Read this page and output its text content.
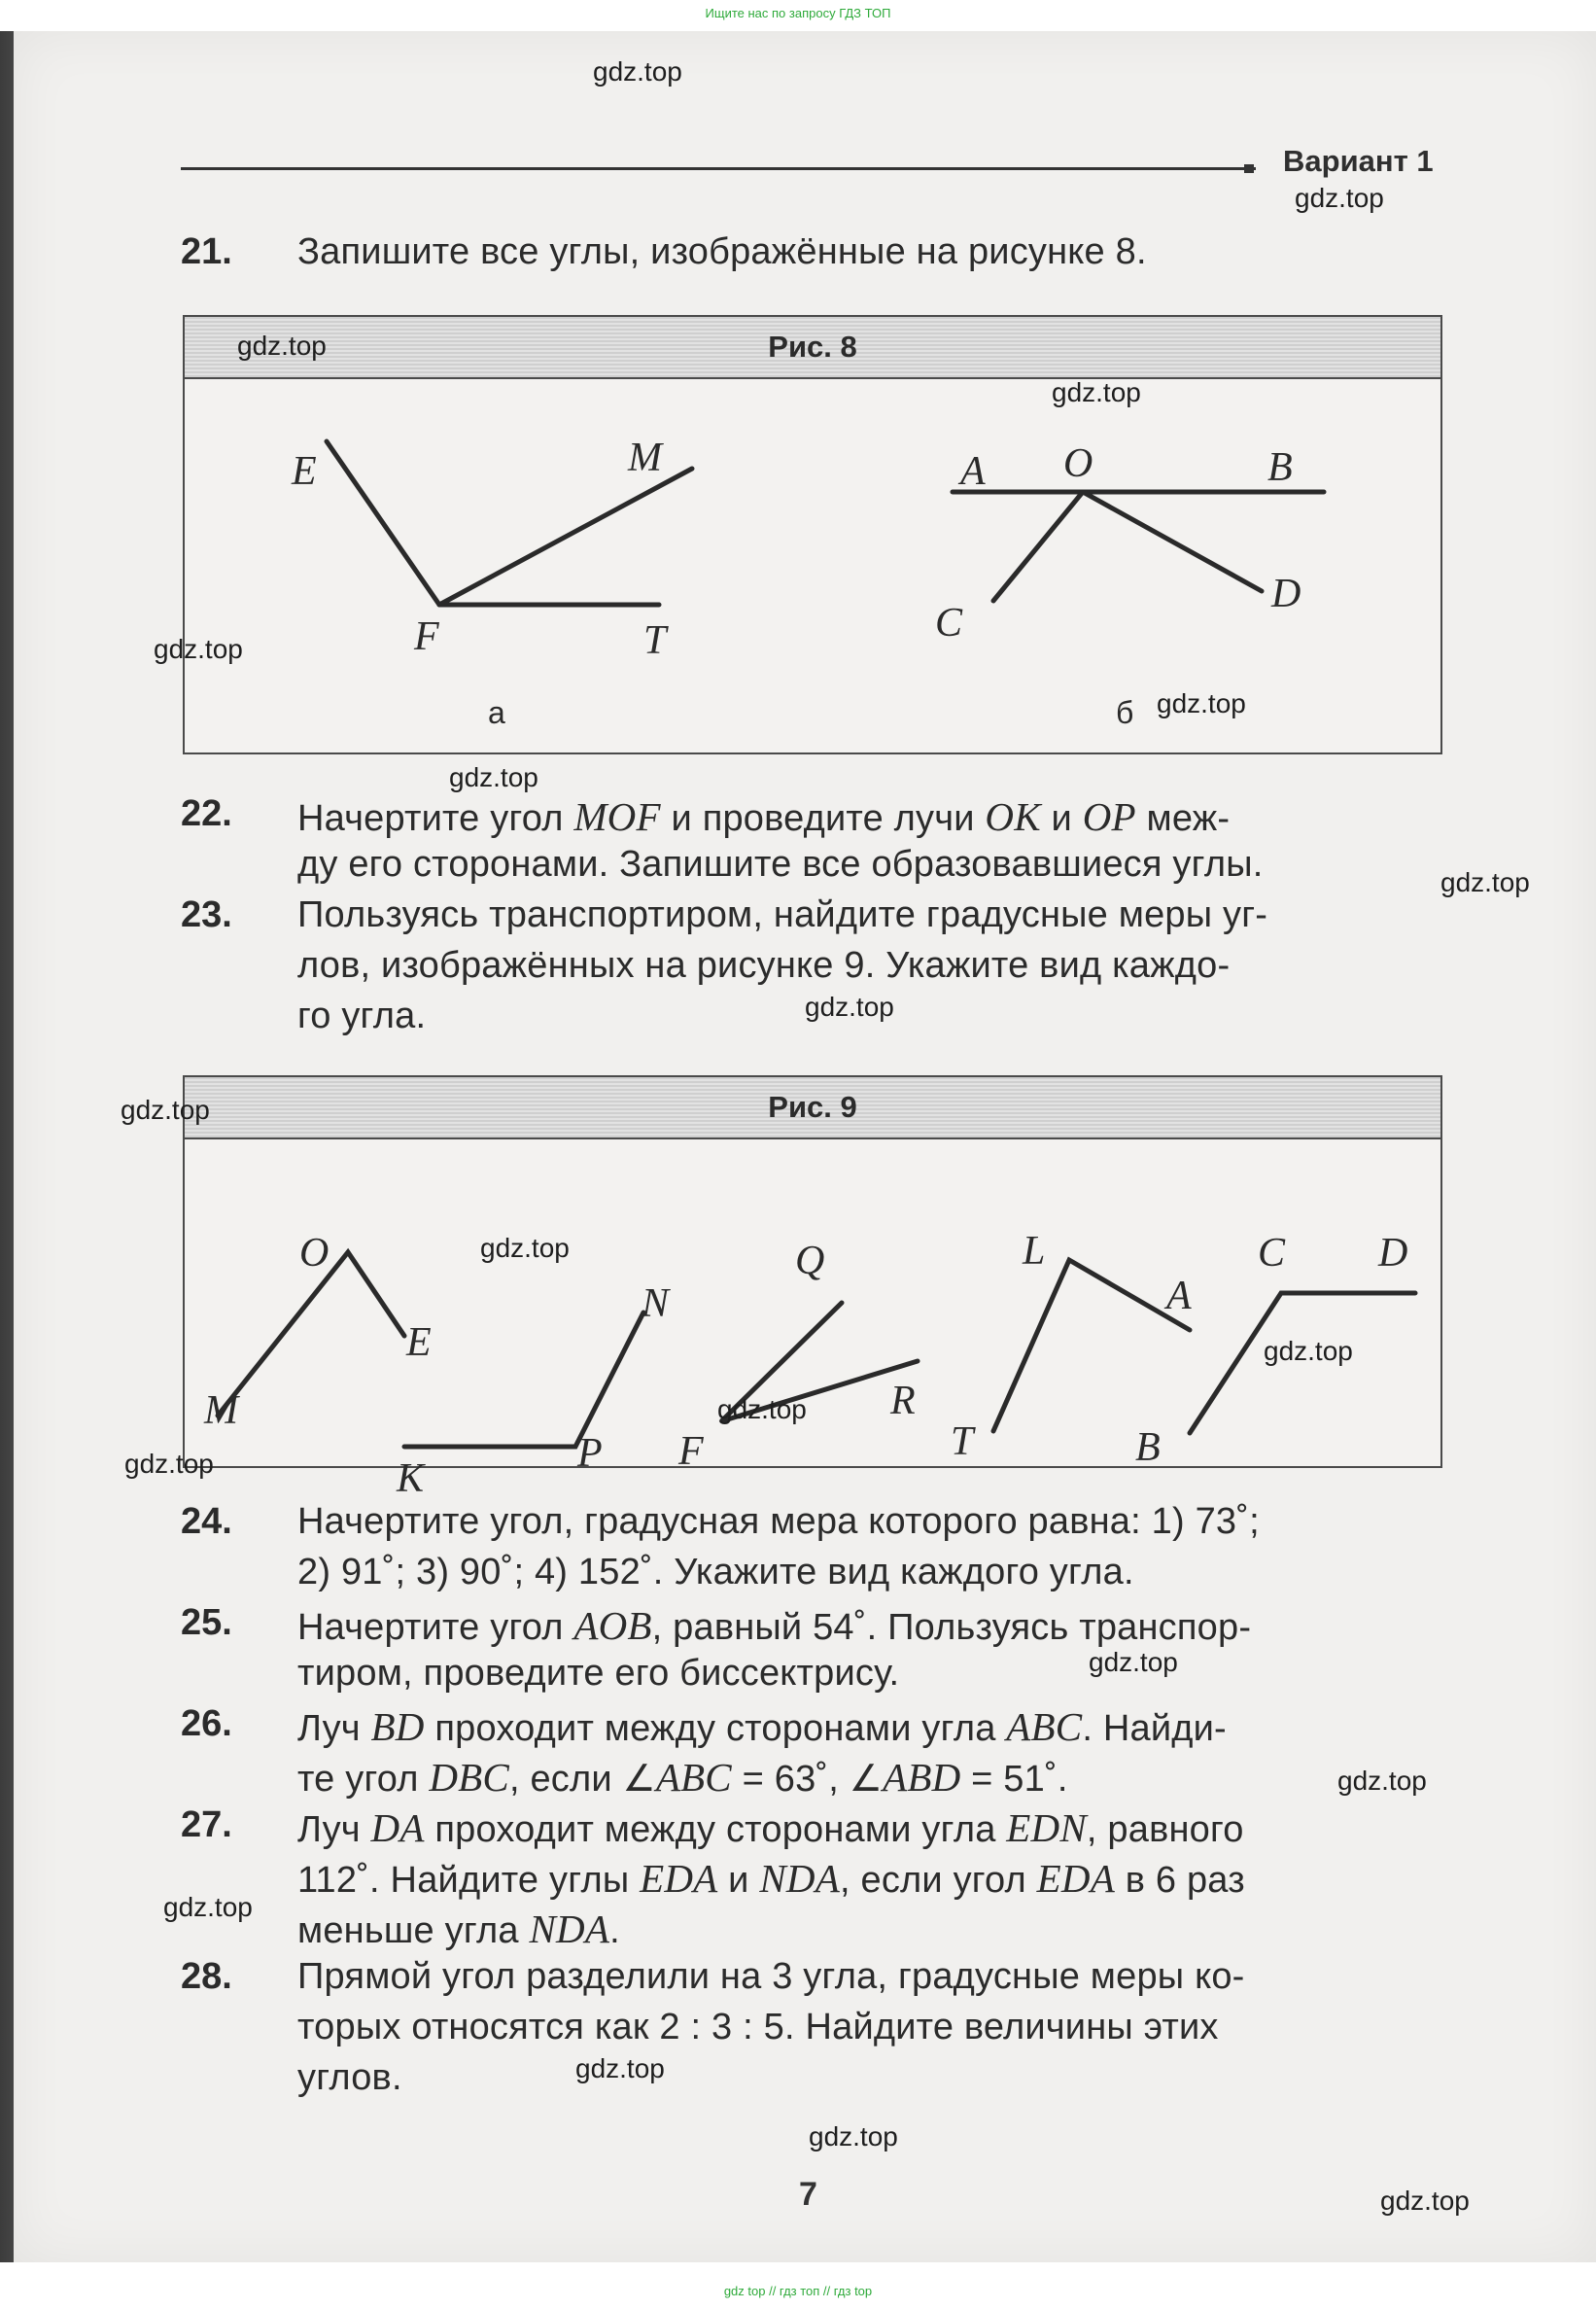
Ищите нас по запросу ГДЗ ТОП
gdz top // гдз топ // гдз top
Вариант 1
21. Запишите все углы, изображённые на рисунке 8.
Рис. 8
E	M
F	T
а
A O	B
C
D
б
22. Начертите угол MOF и проведите лучи OK и OP меж-
ду его сторонами. Запишите все образовавшиеся углы.
23. Пользуясь транспортиром, найдите градусные меры уг-
лов, изображённых на рисунке 9. Укажите вид каждо-
го угла.
Рис. 9
O
E
M
N
K
P
Q
F
R
L
A
T
C D
B
24. Начертите угол, градусная мера которого равна: 1) 73˚;
2) 91˚; 3) 90˚; 4) 152˚. Укажите вид каждого угла.
25. Начертите угол AOB, равный 54˚. Пользуясь транспор-
тиром, проведите его биссектрису.
26. Луч BD проходит между сторонами угла ABC. Найди-
те угол DBC, если ∠ABC = 63˚, ∠ABD = 51˚.
27. Луч DA проходит между сторонами угла EDN, равного
112˚. Найдите углы EDA и NDA, если угол EDA в 6 раз
меньше угла NDA.
28. Прямой угол разделили на 3 угла, градусные меры ко-
торых относятся как 2 : 3 : 5. Найдите величины этих
углов.
7
gdz.top
gdz.top
gdz.top
gdz.top
gdz.top
gdz.top
gdz.top
gdz.top
gdz.top
gdz.top
gdz.top
gdz.top
gdz.top
gdz.top
gdz.top
gdz.top
gdz.top
gdz.top
gdz.top
gdz.top
